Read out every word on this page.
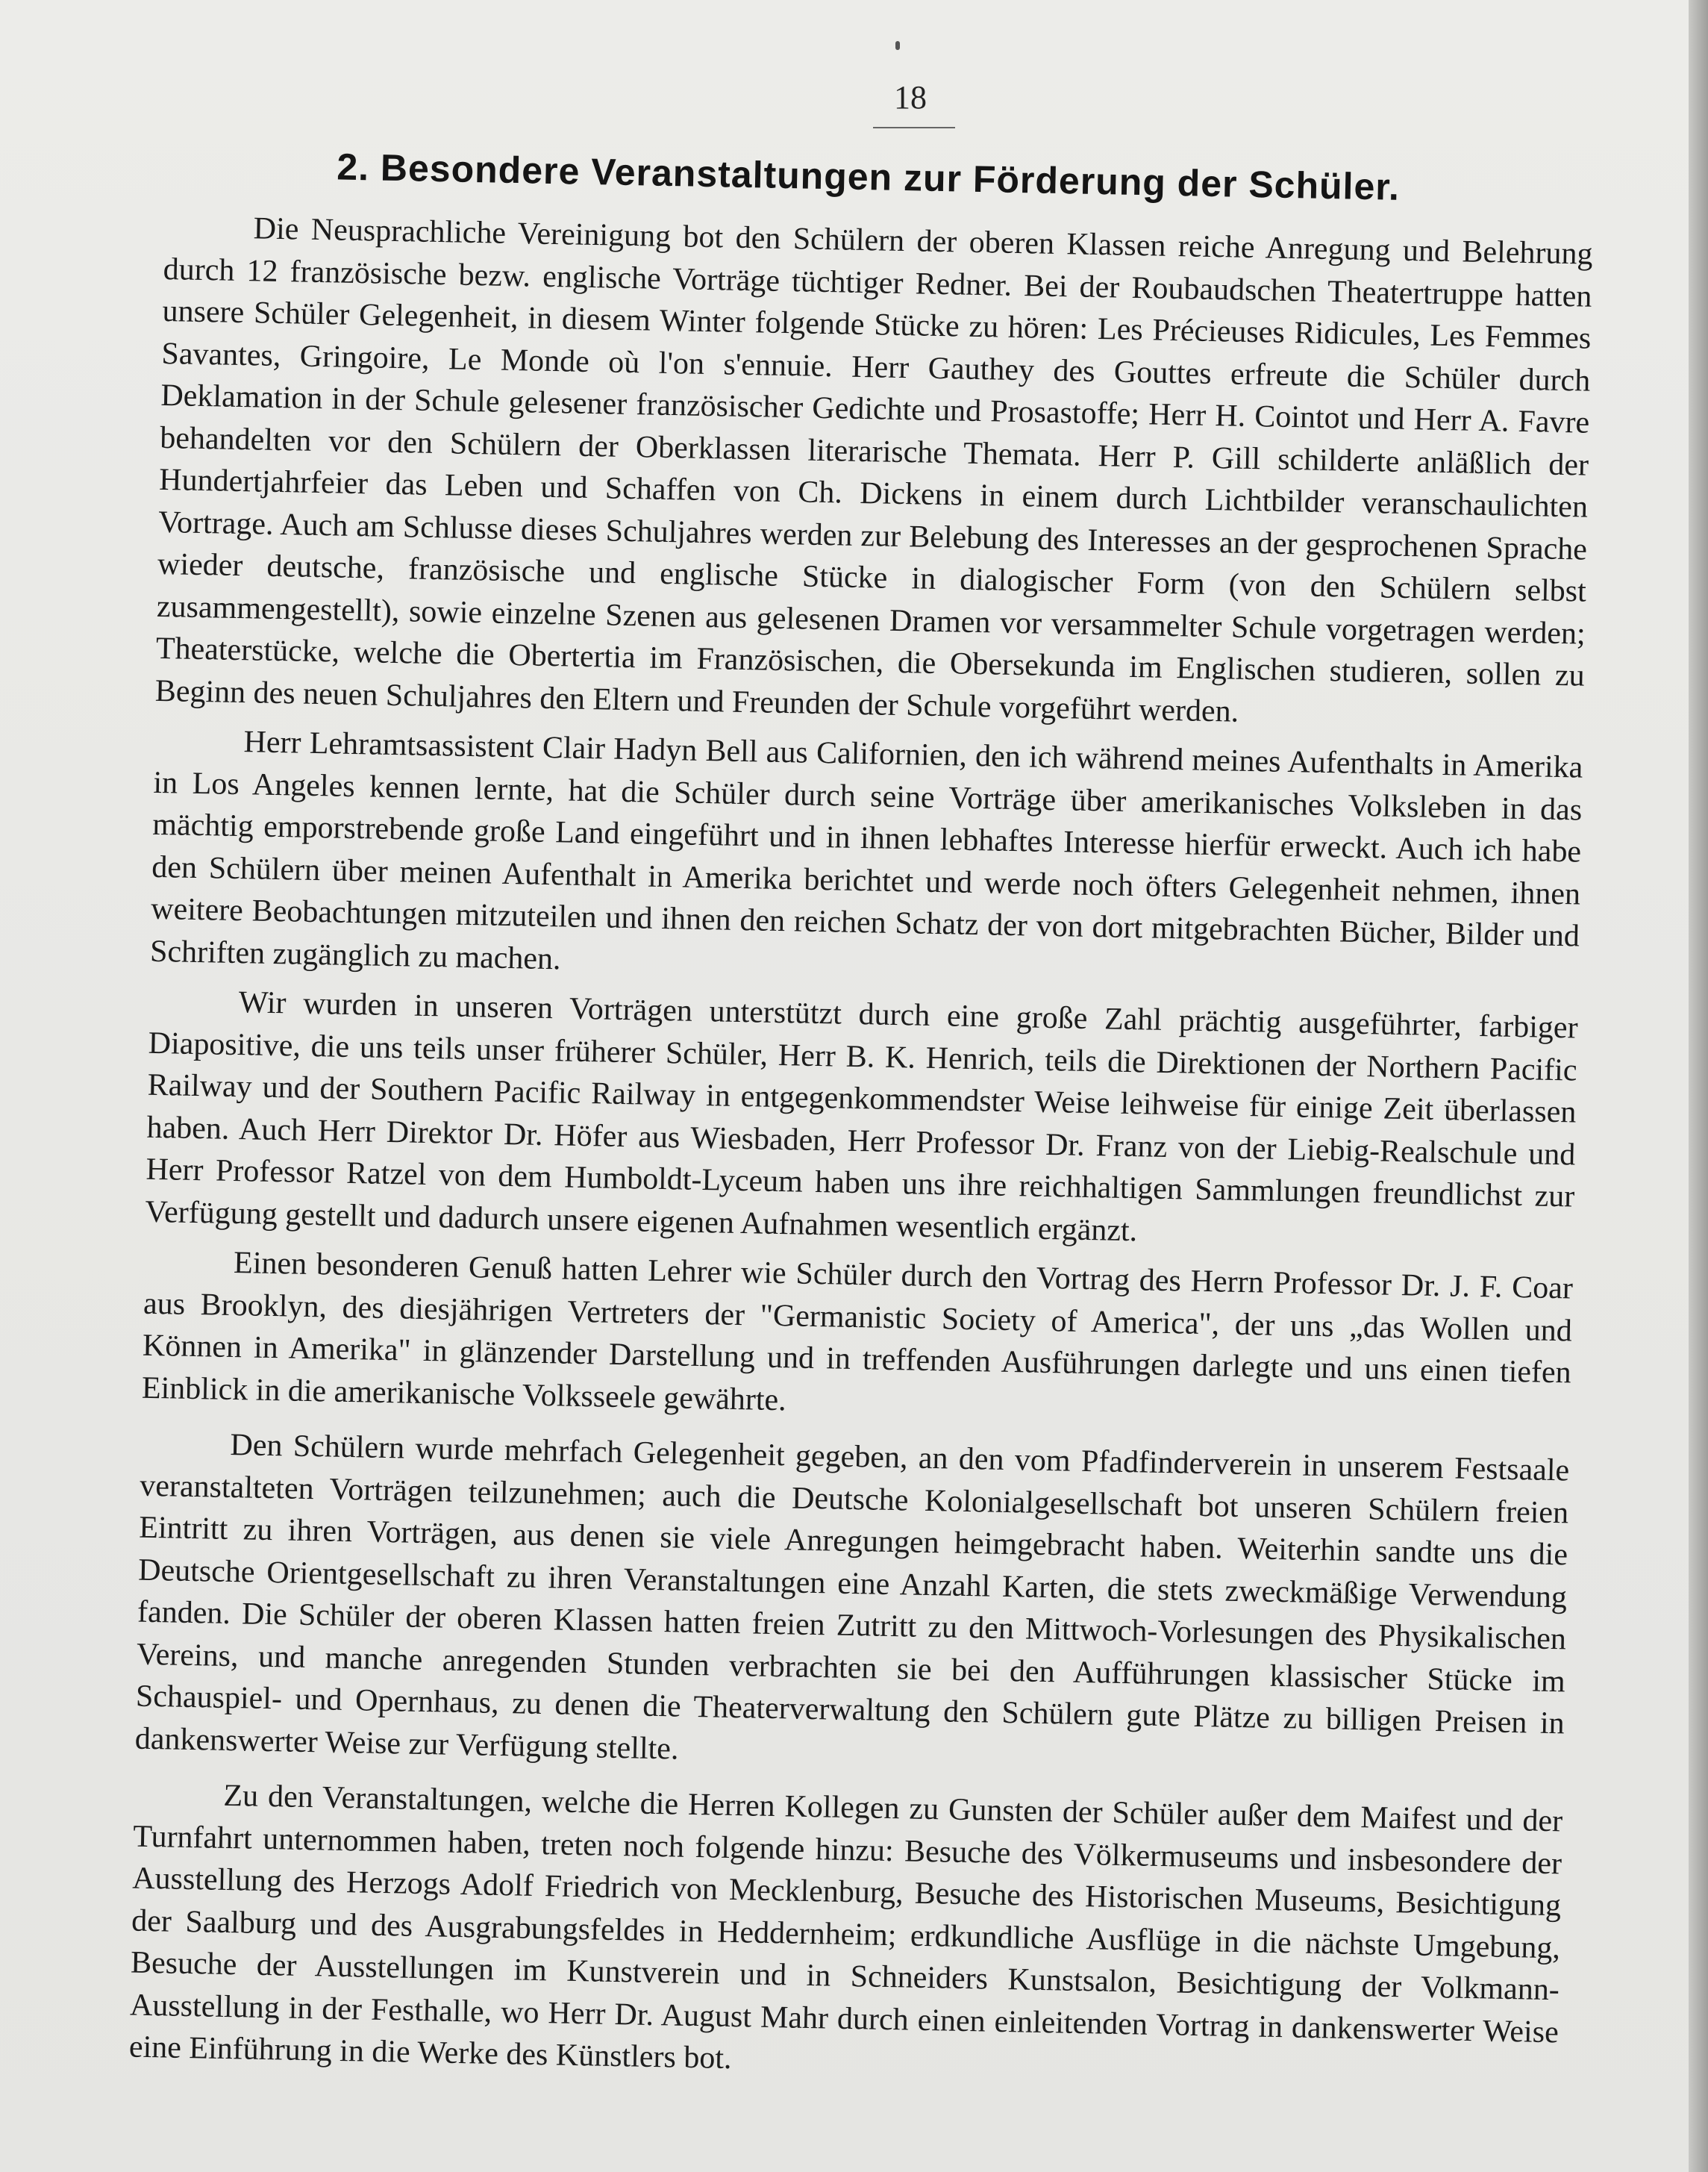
18
2. Besondere Veranstaltungen zur Förderung der Schüler.

Die Neusprachliche Vereinigung bot den Schülern der oberen Klassen reiche Anregung und Belehrung durch 12 französische bezw. englische Vorträge tüchtiger Redner. Bei der Roubaudschen Theatertruppe hatten unsere Schüler Gelegenheit, in diesem Winter folgende Stücke zu hören: Les Précieuses Ridicules, Les Femmes Savantes, Gringoire, Le Monde où l'on s'ennuie. Herr Gauthey des Gouttes erfreute die Schüler durch Deklamation in der Schule gelesener französischer Gedichte und Prosastoffe; Herr H. Cointot und Herr A. Favre behandelten vor den Schülern der Oberklassen literarische Themata. Herr P. Gill schilderte anläßlich der Hundertjahrfeier das Leben und Schaffen von Ch. Dickens in einem durch Lichtbilder veranschaulichten Vortrage. Auch am Schlusse dieses Schuljahres werden zur Belebung des Interesses an der gesprochenen Sprache wieder deutsche, französische und englische Stücke in dialogischer Form (von den Schülern selbst zusammengestellt), sowie einzelne Szenen aus gelesenen Dramen vor versammelter Schule vorgetragen werden; Theaterstücke, welche die Obertertia im Französischen, die Obersekunda im Englischen studieren, sollen zu Beginn des neuen Schuljahres den Eltern und Freunden der Schule vorgeführt werden.

Herr Lehramtsassistent Clair Hadyn Bell aus Californien, den ich während meines Aufenthalts in Amerika in Los Angeles kennen lernte, hat die Schüler durch seine Vorträge über amerikanisches Volksleben in das mächtig emporstrebende große Land eingeführt und in ihnen lebhaftes Interesse hierfür erweckt. Auch ich habe den Schülern über meinen Aufenthalt in Amerika berichtet und werde noch öfters Gelegenheit nehmen, ihnen weitere Beobachtungen mitzuteilen und ihnen den reichen Schatz der von dort mitgebrachten Bücher, Bilder und Schriften zugänglich zu machen.

Wir wurden in unseren Vorträgen unterstützt durch eine große Zahl prächtig ausgeführter, farbiger Diapositive, die uns teils unser früherer Schüler, Herr B. K. Henrich, teils die Direktionen der Northern Pacific Railway und der Southern Pacific Railway in entgegenkommendster Weise leihweise für einige Zeit überlassen haben. Auch Herr Direktor Dr. Höfer aus Wiesbaden, Herr Professor Dr. Franz von der Liebig-Realschule und Herr Professor Ratzel von dem Humboldt-Lyceum haben uns ihre reichhaltigen Sammlungen freundlichst zur Verfügung gestellt und dadurch unsere eigenen Aufnahmen wesentlich ergänzt.

Einen besonderen Genuß hatten Lehrer wie Schüler durch den Vortrag des Herrn Professor Dr. J. F. Coar aus Brooklyn, des diesjährigen Vertreters der "Germanistic Society of America", der uns „das Wollen und Können in Amerika" in glänzender Darstellung und in treffenden Ausführungen darlegte und uns einen tiefen Einblick in die amerikanische Volksseele gewährte.

Den Schülern wurde mehrfach Gelegenheit gegeben, an den vom Pfadfinderverein in unserem Festsaale veranstalteten Vorträgen teilzunehmen; auch die Deutsche Kolonialgesellschaft bot unseren Schülern freien Eintritt zu ihren Vorträgen, aus denen sie viele Anregungen heimgebracht haben. Weiterhin sandte uns die Deutsche Orientgesellschaft zu ihren Veranstaltungen eine Anzahl Karten, die stets zweckmäßige Verwendung fanden. Die Schüler der oberen Klassen hatten freien Zutritt zu den Mittwoch-Vorlesungen des Physikalischen Vereins, und manche anregenden Stunden verbrachten sie bei den Aufführungen klassischer Stücke im Schauspiel- und Opernhaus, zu denen die Theaterverwaltung den Schülern gute Plätze zu billigen Preisen in dankenswerter Weise zur Verfügung stellte.

Zu den Veranstaltungen, welche die Herren Kollegen zu Gunsten der Schüler außer dem Maifest und der Turnfahrt unternommen haben, treten noch folgende hinzu: Besuche des Völkermuseums und insbesondere der Ausstellung des Herzogs Adolf Friedrich von Mecklenburg, Besuche des Historischen Museums, Besichtigung der Saalburg und des Ausgrabungsfeldes in Heddernheim; erdkundliche Ausflüge in die nächste Umgebung, Besuche der Ausstellungen im Kunstverein und in Schneiders Kunstsalon, Besichtigung der Volkmann-Ausstellung in der Festhalle, wo Herr Dr. August Mahr durch einen einleitenden Vortrag in dankenswerter Weise eine Einführung in die Werke des Künstlers bot.
